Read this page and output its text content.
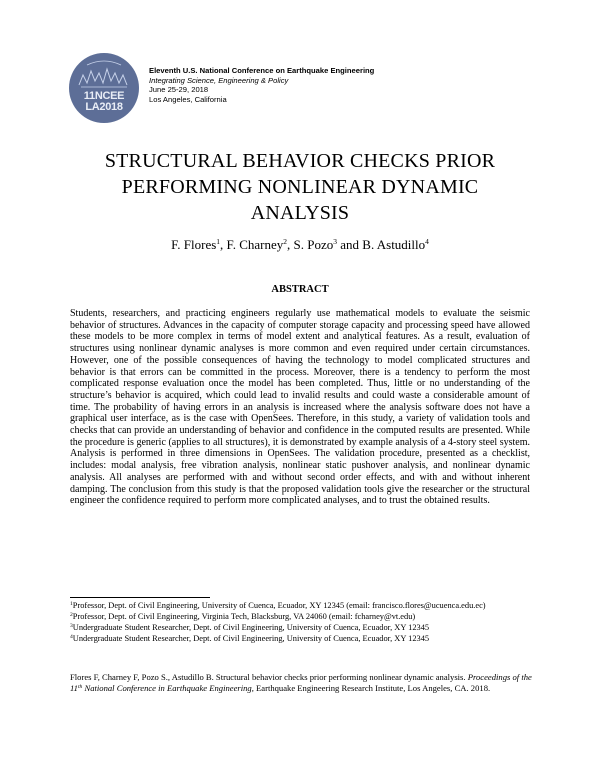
11NCEE
LA2018
Eleventh U.S. National Conference on Earthquake Engineering
Integrating Science, Engineering & Policy
June 25-29, 2018
Los Angeles, California
STRUCTURAL BEHAVIOR CHECKS PRIOR
PERFORMING NONLINEAR DYNAMIC
ANALYSIS
F. Flores$^1$, F. Charney$^2$, S. Pozo$^3$ and B. Astudillo$^4$
ABSTRACT

Students, researchers, and practicing engineers regularly use mathematical models to evaluate the seismic behavior of structures. Advances in the capacity of computer storage capacity and processing speed have allowed these models to be more complex in terms of model extent and analytical features. As a result, evaluation of structures using nonlinear dynamic analyses is more common and even required under certain circumstances. However, one of the possible consequences of having the technology to model complicated structures and behavior is that errors can be committed in the process. Moreover, there is a tendency to perform the most complicated response evaluation once the model has been completed. Thus, little or no understanding of the structure’s behavior is acquired, which could lead to invalid results and could waste a considerable amount of time. The probability of having errors in an analysis is increased where the analysis software does not have a graphical user interface, as is the case with OpenSees. Therefore, in this study, a variety of validation tools and checks that can provide an understanding of behavior and confidence in the computed results are presented. While the procedure is generic (applies to all structures), it is demonstrated by example analysis of a 4-story steel system. Analysis is performed in three dimensions in OpenSees. The validation procedure, presented as a checklist, includes: modal analysis, free vibration analysis, nonlinear static pushover analysis, and nonlinear dynamic analysis. All analyses are performed with and without second order effects, and with and without inherent damping. The conclusion from this study is that the proposed validation tools give the researcher or the structural engineer the confidence required to perform more complicated analyses, and to trust the obtained results.

$^1$Professor, Dept. of Civil Engineering, University of Cuenca, Ecuador, XY 12345 (email: francisco.flores@ucuenca.edu.ec)
$^2$Professor, Dept. of Civil Engineering, Virginia Tech, Blacksburg, VA 24060 (email: fcharney@vt.edu)
$^3$Undergraduate Student Researcher, Dept. of Civil Engineering, University of Cuenca, Ecuador, XY 12345
$^4$Undergraduate Student Researcher, Dept. of Civil Engineering, University of Cuenca, Ecuador, XY 12345
Flores F, Charney F, Pozo S., Astudillo B. Structural behavior checks prior performing nonlinear dynamic analysis. Proceedings of the 11th National Conference in Earthquake Engineering, Earthquake Engineering Research Institute, Los Angeles, CA. 2018.
